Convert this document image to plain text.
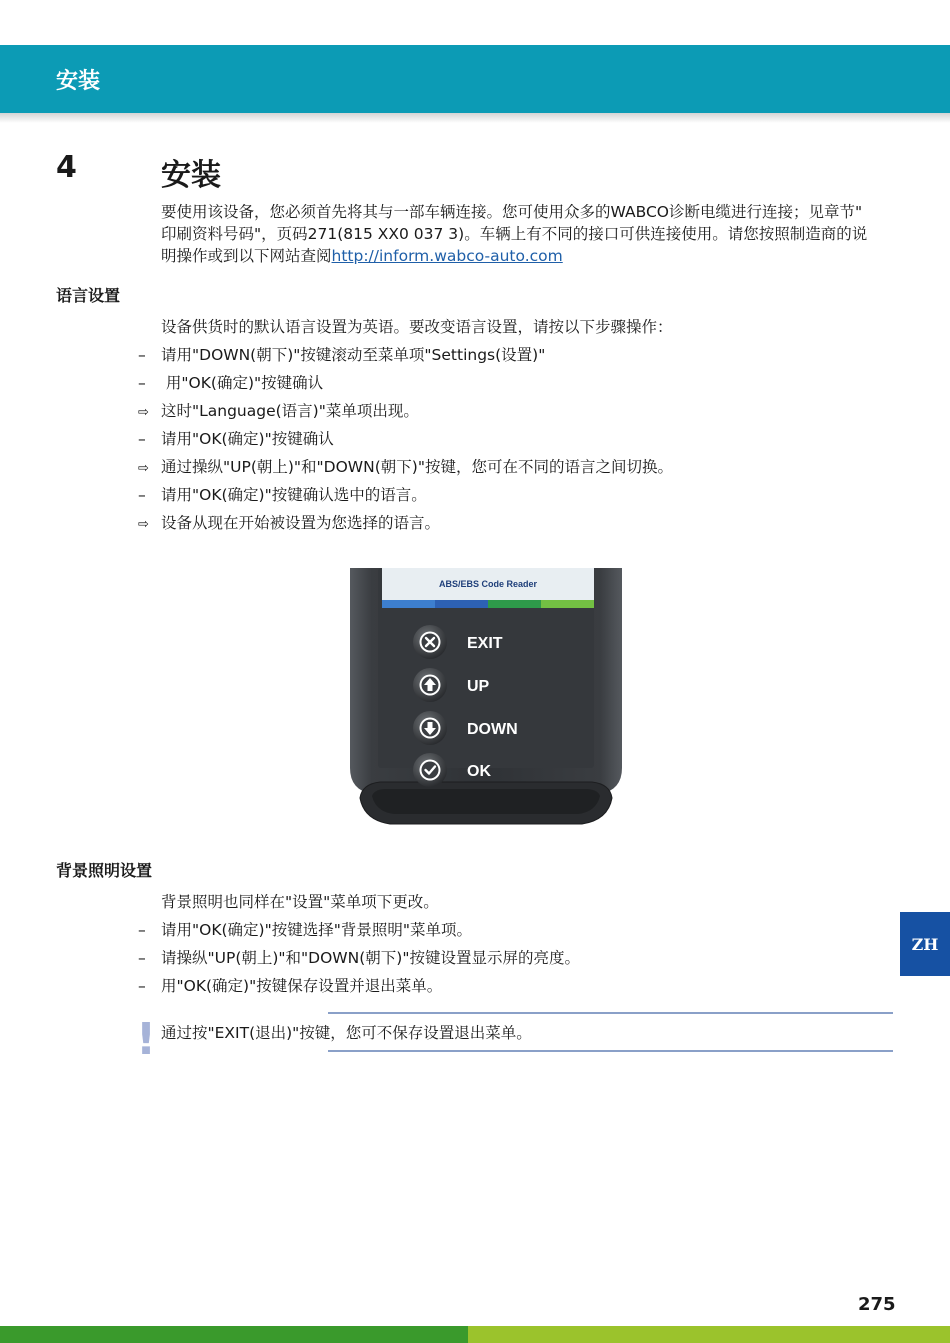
安装
4	安装
要使用该设备，您必须首先将其与一部车辆连接。您可使用众多的WABCO诊断电缆进行连接；见章节"
印刷资料号码"，页码271(815 XX0 037 3)。车辆上有不同的接口可供连接使用。请您按照制造商的说
明操作或到以下网站查阅http://inform.wabco-auto.com
语言设置
设备供货时的默认语言设置为英语。要改变语言设置，请按以下步骤操作：
– 请用"DOWN(朝下)"按键滚动至菜单项"Settings(设置)"
– 用"OK(确定)"按键确认
⇨ 这时"Language(语言)"菜单项出现。
– 请用"OK(确定)"按键确认
⇨ 通过操纵"UP(朝上)"和"DOWN(朝下)"按键，您可在不同的语言之间切换。
– 请用"OK(确定)"按键确认选中的语言。
⇨ 设备从现在开始被设置为您选择的语言。
ABS/EBS Code Reader
EXIT
UP
DOWN
OK
背景照明设置
背景照明也同样在"设置"菜单项下更改。
– 请用"OK(确定)"按键选择"背景照明"菜单项。
– 请操纵"UP(朝上)"和"DOWN(朝下)"按键设置显示屏的亮度。
– 用"OK(确定)"按键保存设置并退出菜单。
ZH
! 通过按"EXIT(退出)"按键，您可不保存设置退出菜单。
275
